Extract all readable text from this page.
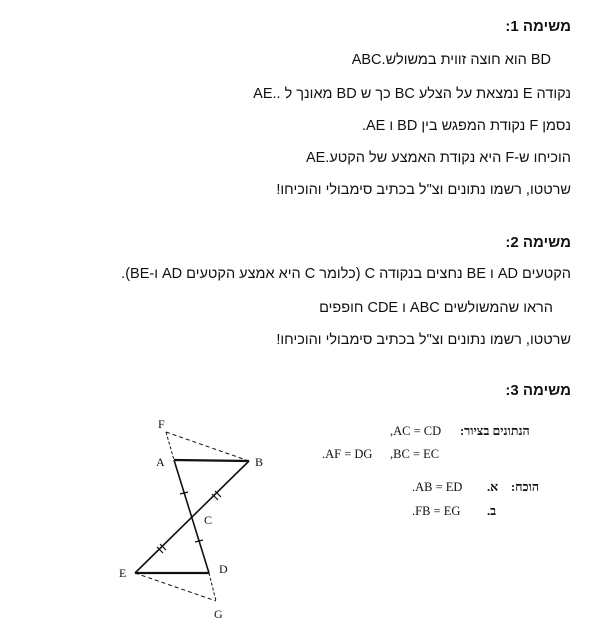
משימה 1:
BD הוא חוצה זווית במשולש.ABC
נקודה E נמצאת על הצלע BC כך ש BD מאונך ל ..AE
נסמן F נקודת המפגש בין BD ו AE.
הוכיחו ש-F היא נקודת האמצע של הקטע.AE
שרטטו, רשמו נתונים וצ"ל בכתיב סימבולי והוכיחו!
משימה 2:
הקטעים AD ו BE נחצים בנקודה C (כלומר C היא אמצע הקטעים AD ו-BE).
הראו שהמשולשים ABC ו CDE חופפים
שרטטו, רשמו נתונים וצ"ל בכתיב סימבולי והוכיחו!
משימה 3:
F
A	B
C
E	D
G
הנתונים בציור:
AC = CD,
BC = EC,
AF = DG.
הוכח:
א.
AB = ED.
ב.
FB = EG.
